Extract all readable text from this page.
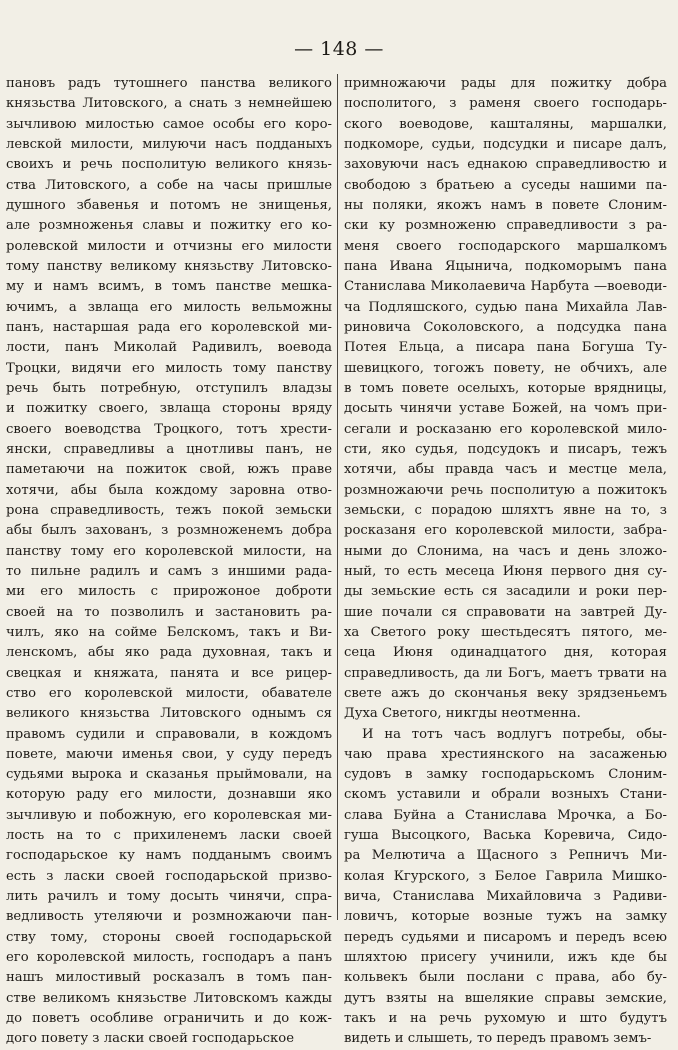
— 148 —
пановъ радъ тутошнего панства великого
князьства Литовского, а снать з немнейшею
зычливою милостью самое особы его коро-
левской милости, милуючи насъ подданыхъ
своихъ и речь посполитую великого князь-
ства Литовского, а собе на часы пришлые
душного збавенья и потомъ не знищенья,
але розмноженья славы и пожитку его ко-
ролевской милости и отчизны его милости
тому панству великому князьству Литовско-
му и намъ всимъ, в томъ панстве мешка-
ючимъ, а звлаща его милость вельможны
панъ, настаршая рада его королевской ми-
лости, панъ Миколай Радивилъ, воевода
Троцки, видячи его милость тому панству
речь быть потребную, отступилъ владзы
и пожитку своего, звлаща стороны вряду
своего воеводства Троцкого, тотъ хрести-
янски, справедливы а цнотливы панъ, не
паметаючи на пожиток свой, южъ праве
хотячи, абы была кождому заровна отво-
рона справедливость, тежъ покой земьски
абы былъ захованъ, з розмноженемъ добра
панству тому его королевской милости, на
то пильне радилъ и самъ з иншими рада-
ми его милость с прирожоное доброти
своей на то позволилъ и застановить ра-
чилъ, яко на сойме Белскомъ, такъ и Ви-
ленскомъ, абы яко рада духовная, такъ и
свецкая и княжата, панята и все рицер-
ство его королевской милости, обавателе
великого князьства Литовского однымъ ся
правомъ судили и справовали, в кождомъ
повете, маючи именья свои, у суду передъ
судьями вырока и сказанья прыймовали, на
которую раду его милости, дознавши яко
зычливую и побожную, его королевская ми-
лость на то с прихиленемъ ласки своей
господарьское ку намъ подданымъ своимъ
есть з ласки своей господарьской призво-
лить рачилъ и тому досыть чинячи, спра-
ведливость утеляючи и розмножаючи пан-
ству тому, стороны своей господарьской
его королевской милость, господаръ а панъ
нашъ милостивый росказалъ в томъ пан-
стве великомъ князьстве Литовскомъ кажды
до поветъ особливе ограничить и до кож-
дого повету з ласки своей господарьское
примножаючи рады для пожитку добра
посполитого, з раменя своего господарь-
ского воеводове, кашталяны, маршалки,
подкоморе, судьи, подсудки и писаре далъ,
заховуючи насъ еднакою справедливостю и
свободою з братьею а суседы нашими па-
ны поляки, якожъ намъ в повете Слоним-
ски ку розмноженю справедливости з ра-
меня своего господарского маршалкомъ
пана Ивана Яцынича, подкоморымъ пана
Станислава Миколаевича Нарбута —воеводи-
ча Подляшского, судью пана Михайла Лав-
риновича Соколовского, а подсудка пана
Потея Ельца, а писара пана Богуша Ту-
шевицкого, тогожъ повету, не обчихъ, але
в томъ повете оселыхъ, которые врядницы,
досыть чинячи уставе Божей, на чомъ при-
сегали и росказаню его королевской мило-
сти, яко судья, подсудокъ и писаръ, тежъ
хотячи, абы правда часъ и местце мела,
розмножаючи речь посполитую а пожитокъ
земьски, с порадою шляхтъ явне на то, з
росказаня его королевской милости, забра-
ными до Слонима, на часъ и день зложо-
ный, то есть месеца Июня первого дня су-
ды земьские есть ся засадили и роки пер-
шие почали ся справовати на завтрей Ду-
ха Светого року шестьдесятъ пятого, ме-
сеца Июня одинадцатого дня, которая
справедливость, да ли Богъ, маетъ трвати на
свете ажъ до скончанья веку зрядзеньемъ
Духа Светого, никгды неотменна.
И на тотъ часъ водлугъ потребы, обы-
чаю права хрестиянского на засаженью
судовъ в замку господарьскомъ Слоним-
скомъ уставили и обрали возныхъ Стани-
слава Буйна а Станислава Мрочка, а Бо-
гуша Высоцкого, Васька Коревича, Сидо-
ра Мелютича а Щасного з Репничъ Ми-
колая Кгурского, з Белое Гаврила Мишко-
вича, Станислава Михайловича з Радиви-
ловичъ, которые возные тужъ на замку
передъ судьями и писаромъ и передъ всею
шляхтою присегу учинили, ижъ кде бы
кольвекъ были послани с права, або бу-
дутъ взяты на вшелякие справы земские,
такъ и на речь рухомую и што будутъ
видеть и слышеть, то передъ правомъ земъ-
